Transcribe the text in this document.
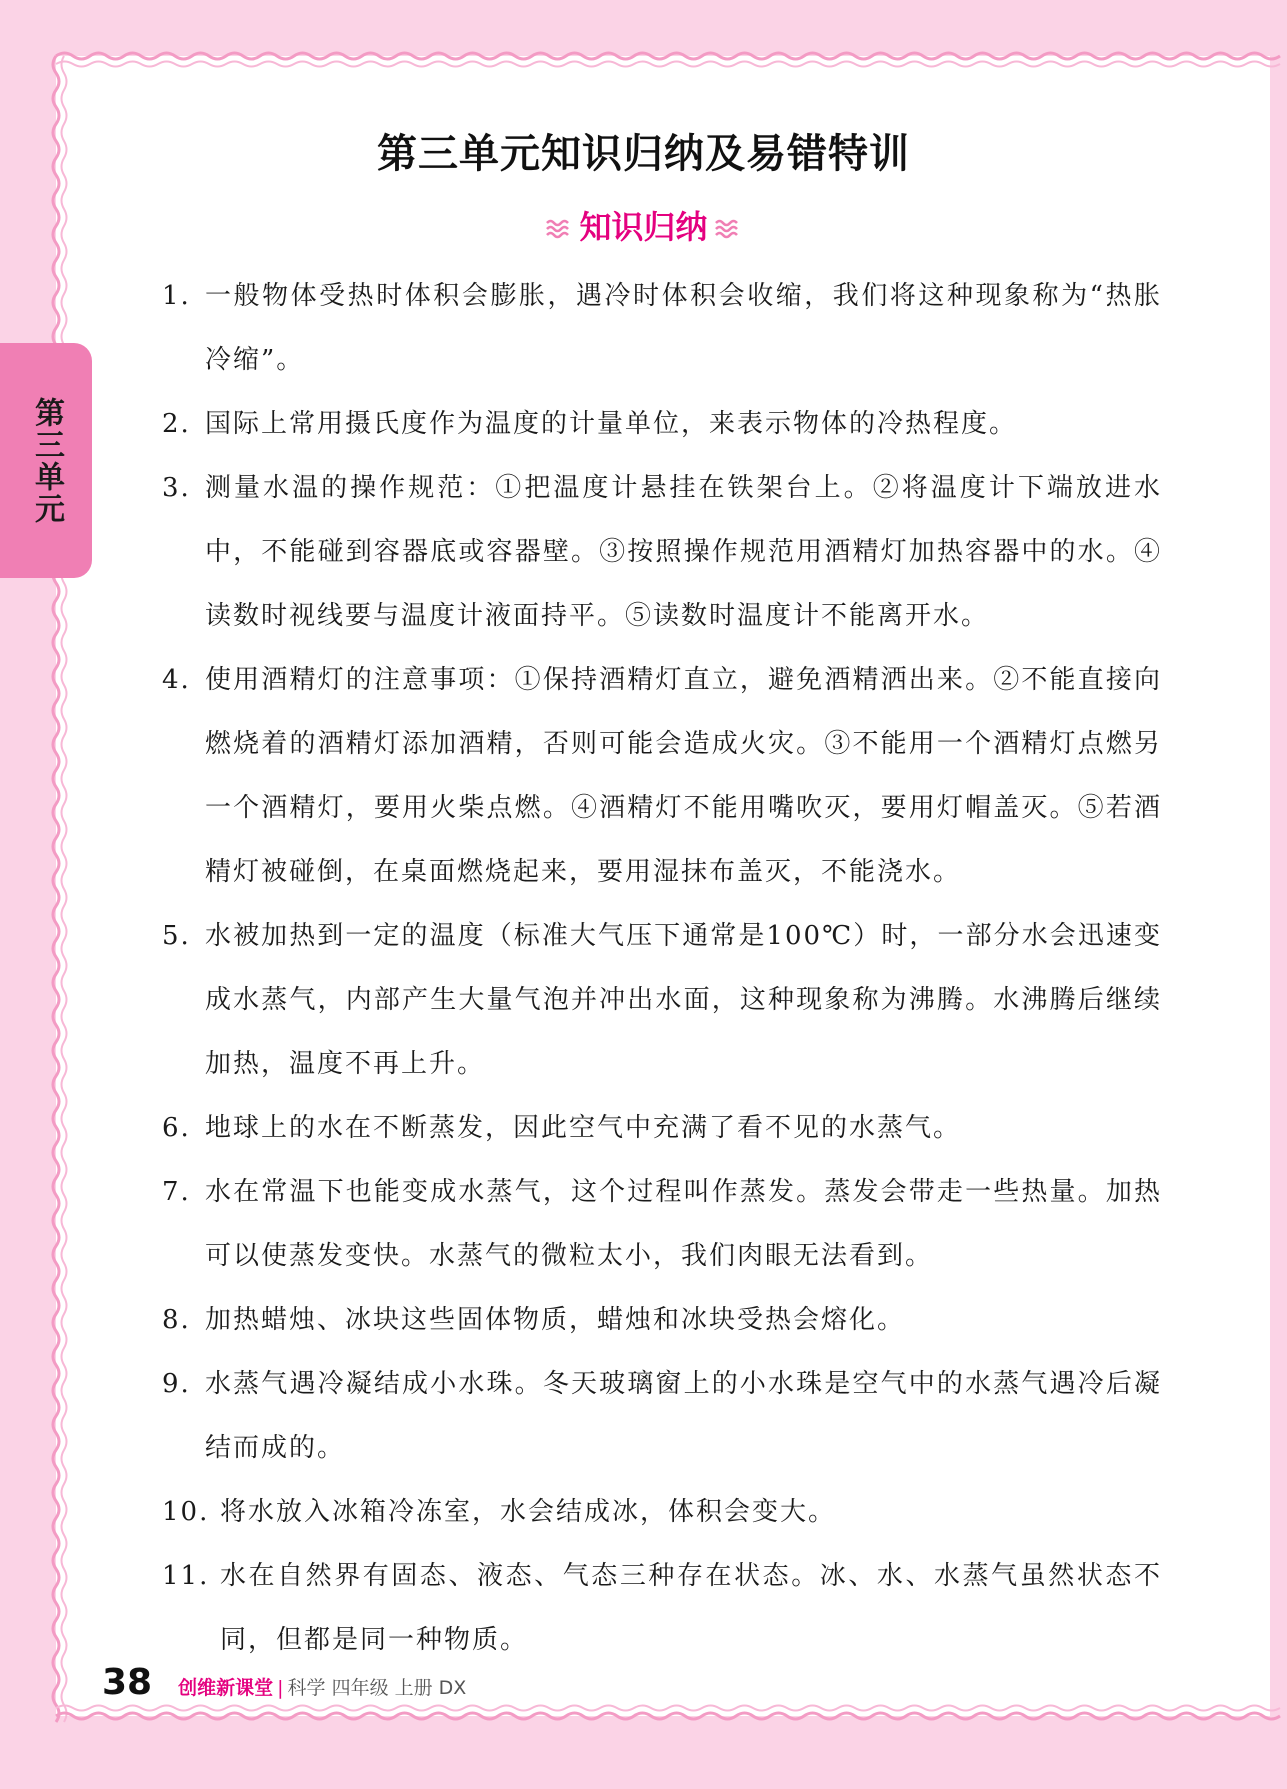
第三单元
第三单元知识归纳及易错特训
知识归纳
1. 一般物体受热时体积会膨胀，遇冷时体积会收缩，我们将这种现象称为“热胀冷缩”。
2. 国际上常用摄氏度作为温度的计量单位，来表示物体的冷热程度。
3. 测量水温的操作规范：①把温度计悬挂在铁架台上。②将温度计下端放进水中，不能碰到容器底或容器壁。③按照操作规范用酒精灯加热容器中的水。④读数时视线要与温度计液面持平。⑤读数时温度计不能离开水。
4. 使用酒精灯的注意事项：①保持酒精灯直立，避免酒精洒出来。②不能直接向燃烧着的酒精灯添加酒精，否则可能会造成火灾。③不能用一个酒精灯点燃另一个酒精灯，要用火柴点燃。④酒精灯不能用嘴吹灭，要用灯帽盖灭。⑤若酒精灯被碰倒，在桌面燃烧起来，要用湿抹布盖灭，不能浇水。
5. 水被加热到一定的温度（标准大气压下通常是100℃）时，一部分水会迅速变成水蒸气，内部产生大量气泡并冲出水面，这种现象称为沸腾。水沸腾后继续加热，温度不再上升。
6. 地球上的水在不断蒸发，因此空气中充满了看不见的水蒸气。
7. 水在常温下也能变成水蒸气，这个过程叫作蒸发。蒸发会带走一些热量。加热可以使蒸发变快。水蒸气的微粒太小，我们肉眼无法看到。
8. 加热蜡烛、冰块这些固体物质，蜡烛和冰块受热会熔化。
9. 水蒸气遇冷凝结成小水珠。冬天玻璃窗上的小水珠是空气中的水蒸气遇冷后凝结而成的。
10. 将水放入冰箱冷冻室，水会结成冰，体积会变大。
11. 水在自然界有固态、液态、气态三种存在状态。冰、水、水蒸气虽然状态不同，但都是同一种物质。
38 创维新课堂 | 科学 四年级 上册 DX
